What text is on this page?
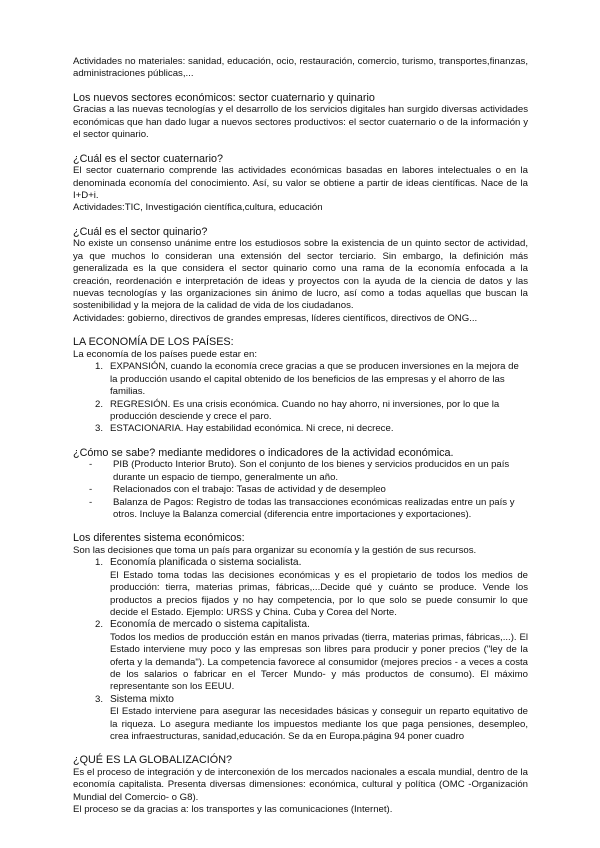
Actividades no materiales: sanidad, educación, ocio, restauración, comercio, turismo, transportes,finanzas, administraciones públicas,...

Los nuevos sectores económicos: sector cuaternario y quinario

Gracias a las nuevas tecnologías y el desarrollo de los servicios digitales han surgido diversas actividades económicas que han dado lugar a nuevos sectores productivos: el sector cuaternario o de la información y el sector quinario.

¿Cuál es el sector cuaternario?

El sector cuaternario comprende las actividades económicas basadas en labores intelectuales o en la denominada economía del conocimiento. Así, su valor se obtiene a partir de ideas científicas. Nace de la I+D+i.

Actividades:TIC, Investigación científica,cultura, educación

¿Cuál es el sector quinario?

No existe un consenso unánime entre los estudiosos sobre la existencia de un quinto sector de actividad, ya que muchos lo consideran una extensión del sector terciario. Sin embargo, la definición más generalizada es la que considera el sector quinario como una rama de la economía enfocada a la creación, reordenación e interpretación de ideas y proyectos con la ayuda de la ciencia de datos y las nuevas tecnologías y las organizaciones sin ánimo de lucro, así como a todas aquellas que buscan la sostenibilidad y la mejora de la calidad de vida de los ciudadanos.

Actividades: gobierno, directivos de grandes empresas, líderes científicos, directivos de ONG...

LA ECONOMÍA DE LOS PAÍSES:

La economía de los países puede estar en:

1. EXPANSIÓN, cuando la economía crece gracias a que se producen inversiones en la mejora de la producción usando el capital obtenido de los beneficios de las empresas y el ahorro de las familias.
2. REGRESIÓN. Es una crisis económica. Cuando no hay ahorro, ni inversiones, por lo que la producción desciende y crece el paro.
3. ESTACIONARIA. Hay estabilidad económica. Ni crece, ni decrece.

¿Cómo se sabe? mediante medidores o indicadores de la actividad económica.

-	PIB (Producto Interior Bruto). Son el conjunto de los bienes y servicios producidos en un país durante un espacio de tiempo, generalmente un año.
-	Relacionados con el trabajo: Tasas de actividad y de desempleo
-	Balanza de Pagos: Registro de todas las transacciones económicas realizadas entre un país y otros. Incluye la Balanza comercial (diferencia entre importaciones y exportaciones).

Los diferentes sistema económicos:

Son las decisiones que toma un país para organizar su economía y la gestión de sus recursos.

1. Economía planificada o sistema socialista.
El Estado toma todas las decisiones económicas y es el propietario de todos los medios de producción: tierra, materias primas, fábricas,...Decide qué y cuánto se produce. Vende los productos a precios fijados y no hay competencia, por lo que solo se puede consumir lo que decide el Estado. Ejemplo: URSS y China. Cuba y Corea del Norte.
2. Economía de mercado o sistema capitalista.
Todos los medios de producción están en manos privadas (tierra, materias primas, fábricas,...). El Estado interviene muy poco y las empresas son libres para producir y poner precios ("ley de la oferta y la demanda"). La competencia favorece al consumidor (mejores precios - a veces a costa de los salarios o fabricar en el Tercer Mundo- y más productos de consumo). El máximo representante son los EEUU.
3. Sistema mixto
El Estado interviene para asegurar las necesidades básicas y conseguir un reparto equitativo de la riqueza. Lo asegura mediante los impuestos mediante los que paga pensiones, desempleo, crea infraestructuras, sanidad,educación. Se da en Europa.página 94 poner cuadro

¿QUÉ ES LA GLOBALIZACIÓN?

Es el proceso de integración y de interconexión de los mercados nacionales a escala mundial, dentro de la economía capitalista. Presenta diversas dimensiones: económica, cultural y política (OMC -Organización Mundial del Comercio- o G8).

El proceso se da gracias a: los transportes y las comunicaciones (Internet).
